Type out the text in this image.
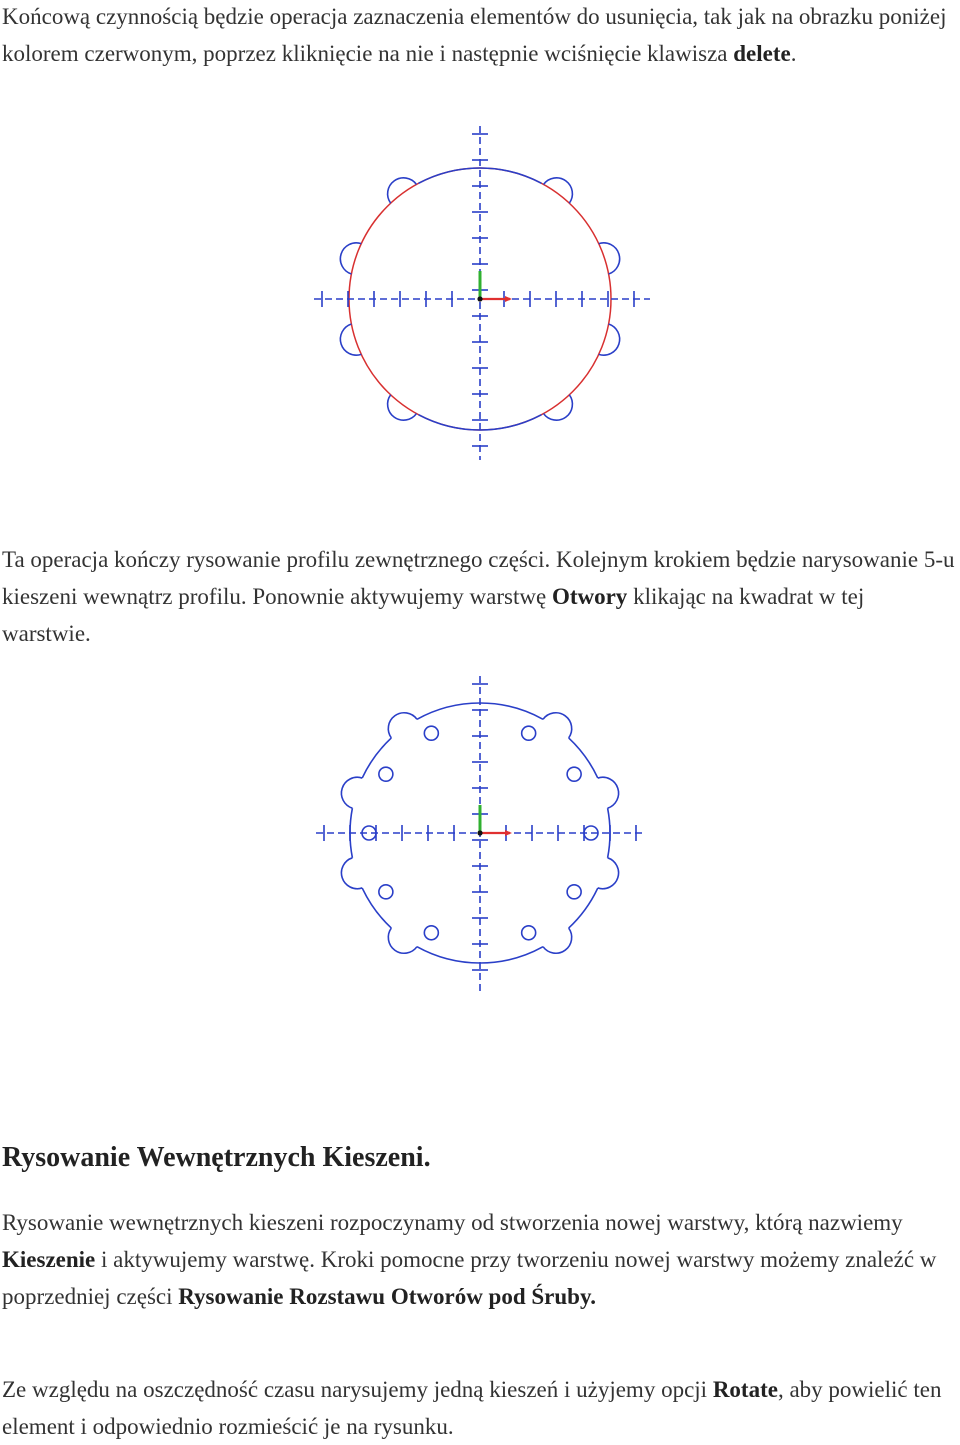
Końcową czynnością będzie operacja zaznaczenia elementów do usunięcia, tak jak na obrazku poniżej kolorem czerwonym, poprzez kliknięcie na nie i następnie wciśnięcie klawisza delete.

Ta operacja kończy rysowanie profilu zewnętrznego części. Kolejnym krokiem będzie narysowanie 5-u kieszeni wewnątrz profilu. Ponownie aktywujemy warstwę Otwory klikając na kwadrat w tej warstwie.

Rysowanie Wewnętrznych Kieszeni.

Rysowanie wewnętrznych kieszeni rozpoczynamy od stworzenia nowej warstwy, którą nazwiemy Kieszenie i aktywujemy warstwę. Kroki pomocne przy tworzeniu nowej warstwy możemy znaleźć w poprzedniej części Rysowanie Rozstawu Otworów pod Śruby.

Ze względu na oszczędność czasu narysujemy jedną kieszeń i użyjemy opcji Rotate, aby powielić ten element i odpowiednio rozmieścić je na rysunku.
